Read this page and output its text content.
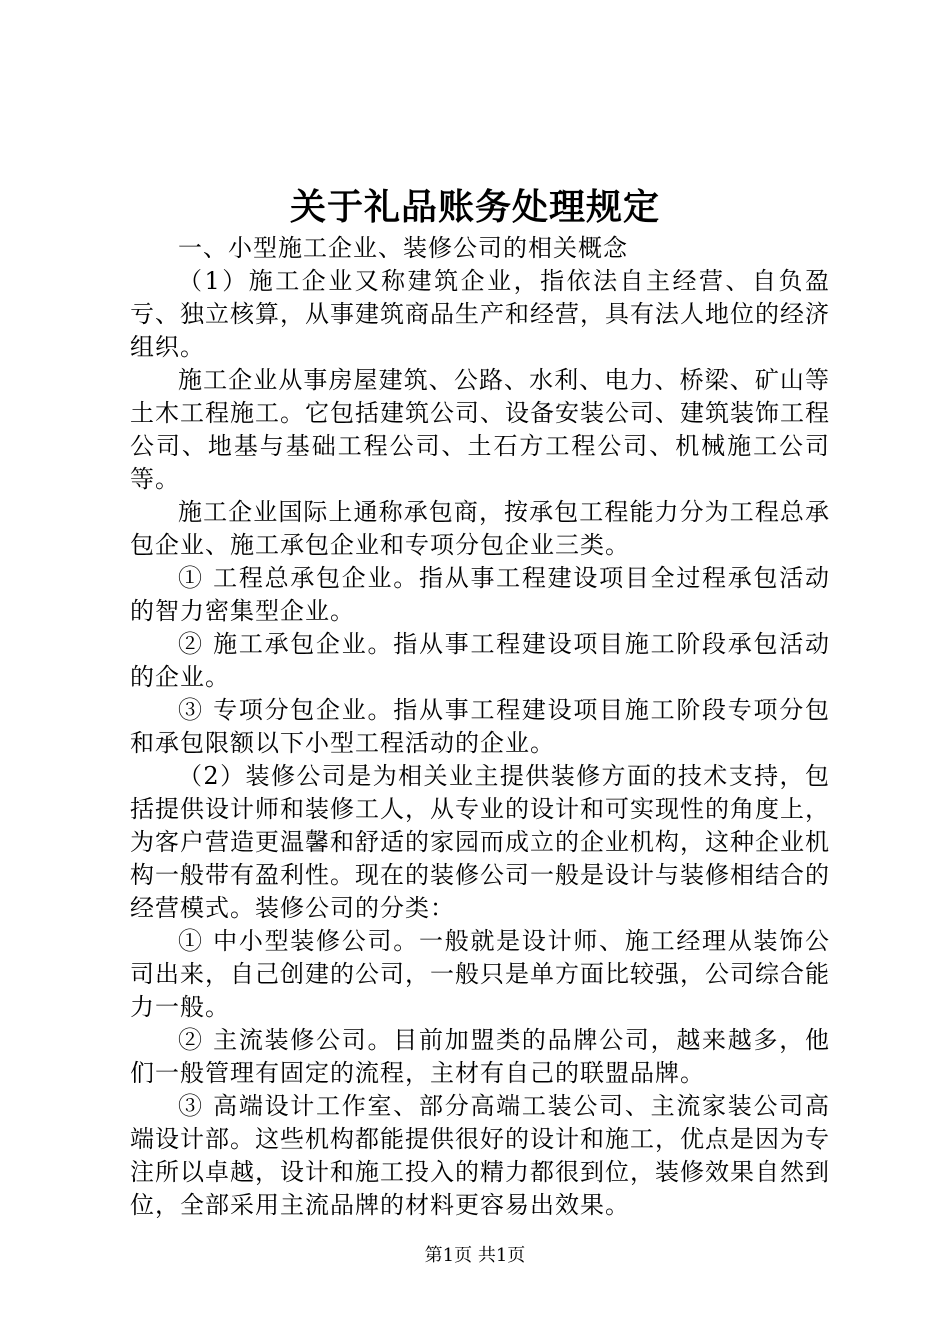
关于礼品账务处理规定

一、小型施工企业、装修公司的相关概念

（1）施工企业又称建筑企业，指依法自主经营、自负盈亏、独立核算，从事建筑商品生产和经营，具有法人地位的经济组织。

施工企业从事房屋建筑、公路、水利、电力、桥梁、矿山等土木工程施工。它包括建筑公司、设备安装公司、建筑装饰工程公司、地基与基础工程公司、土石方工程公司、机械施工公司等。

施工企业国际上通称承包商，按承包工程能力分为工程总承包企业、施工承包企业和专项分包企业三类。

① 工程总承包企业。指从事工程建设项目全过程承包活动的智力密集型企业。

② 施工承包企业。指从事工程建设项目施工阶段承包活动的企业。

③ 专项分包企业。指从事工程建设项目施工阶段专项分包和承包限额以下小型工程活动的企业。

（2）装修公司是为相关业主提供装修方面的技术支持，包括提供设计师和装修工人，从专业的设计和可实现性的角度上，为客户营造更温馨和舒适的家园而成立的企业机构，这种企业机构一般带有盈利性。现在的装修公司一般是设计与装修相结合的经营模式。装修公司的分类：

① 中小型装修公司。一般就是设计师、施工经理从装饰公司出来，自己创建的公司，一般只是单方面比较强，公司综合能力一般。

② 主流装修公司。目前加盟类的品牌公司，越来越多，他们一般管理有固定的流程，主材有自己的联盟品牌。

③ 高端设计工作室、部分高端工装公司、主流家装公司高端设计部。这些机构都能提供很好的设计和施工，优点是因为专注所以卓越，设计和施工投入的精力都很到位，装修效果自然到位，全部采用主流品牌的材料更容易出效果。

第1页 共1页
